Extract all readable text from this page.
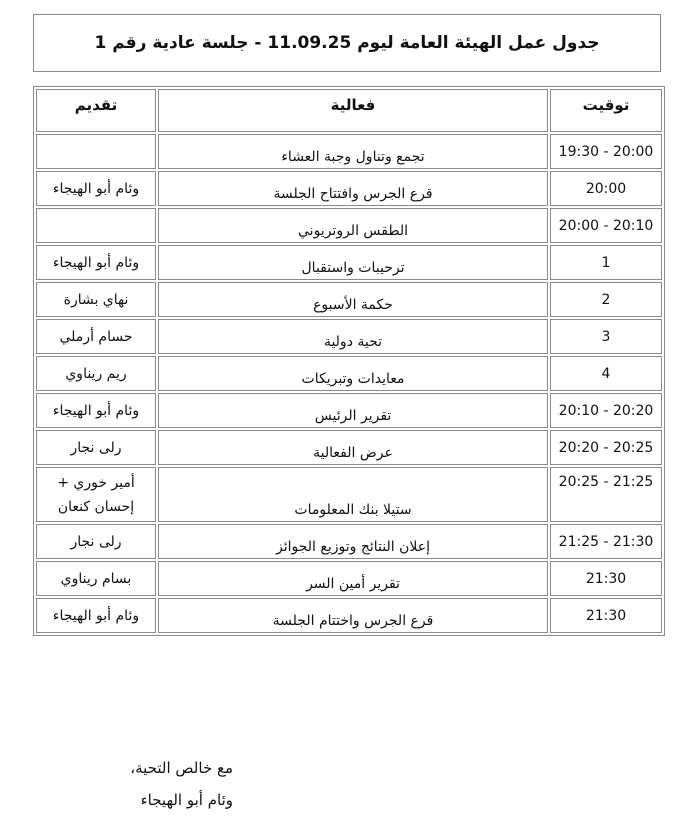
جدول عمل الهيئة العامة ليوم 11.09.25 - جلسة عادية رقم 1
توقيت	فعالية	تقديم
19:30 - 20:00	تجمع وتناول وجبة العشاء	
20:00	قرع الجرس وافتتاح الجلسة	وئام أبو الهيجاء
20:00 - 20:10	الطقس الروتريوني	
1	ترحيبات واستقبال	وئام أبو الهيجاء
2	حكمة الأسبوع	نهاي بشارة
3	تحية دولية	حسام أرملي
4	معايدات وتبريكات	ريم ريناوي
20:10 - 20:20	تقرير الرئيس	وئام أبو الهيجاء
20:20 - 20:25	عرض الفعالية	رلى نجار
20:25 - 21:25	ستيلا بنك المعلومات	أمير خوري + إحسان كنعان
21:25 - 21:30	إعلان النتائج وتوزيع الجوائز	رلى نجار
21:30	تقرير أمين السر	بسام ريناوي
21:30	قرع الجرس واختتام الجلسة	وئام أبو الهيجاء
مع خالص التحية،
وئام أبو الهيجاء
